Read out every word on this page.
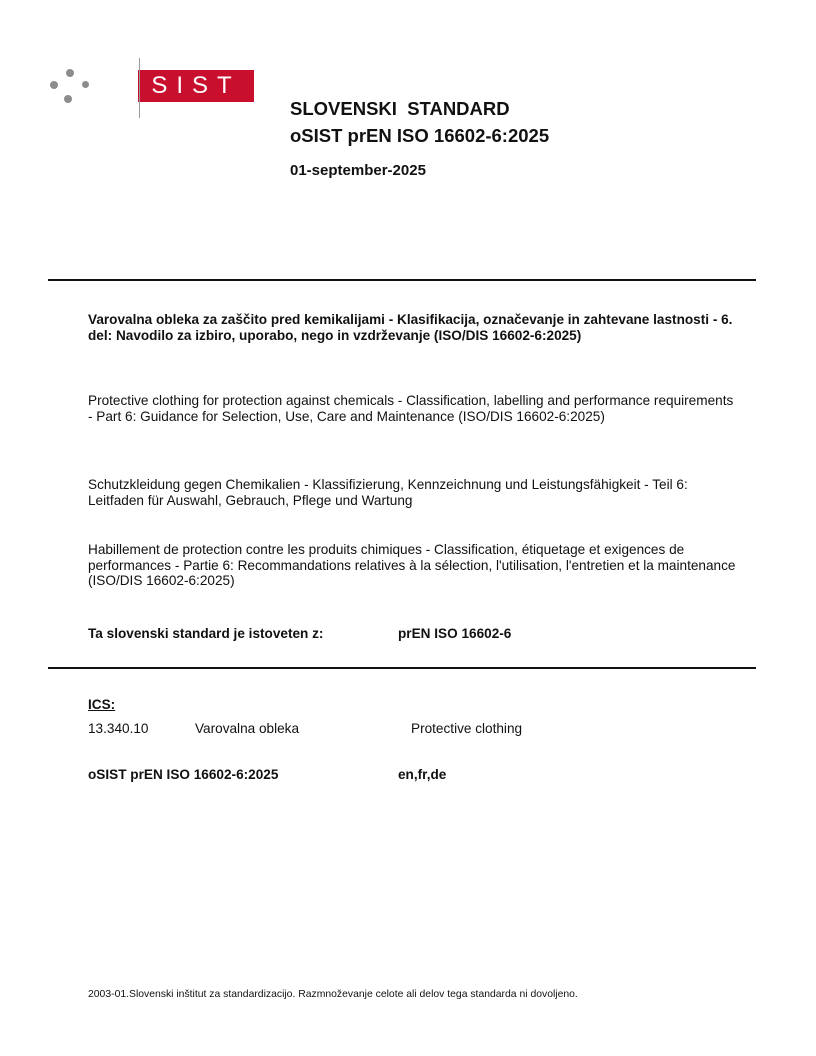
SIST
SLOVENSKI  STANDARD
oSIST prEN ISO 16602-6:2025
01-september-2025
Varovalna obleka za zaščito pred kemikalijami - Klasifikacija, označevanje in zahtevane lastnosti - 6. del: Navodilo za izbiro, uporabo, nego in vzdrževanje (ISO/DIS 16602-6:2025)
Protective clothing for protection against chemicals - Classification, labelling and performance requirements - Part 6: Guidance for Selection, Use, Care and Maintenance (ISO/DIS 16602-6:2025)
Schutzkleidung gegen Chemikalien - Klassifizierung, Kennzeichnung und Leistungsfähigkeit - Teil 6: Leitfaden für Auswahl, Gebrauch, Pflege und Wartung
Habillement de protection contre les produits chimiques - Classification, étiquetage et exigences de performances - Partie 6: Recommandations relatives à la sélection, l'utilisation, l'entretien et la maintenance (ISO/DIS 16602-6:2025)
Ta slovenski standard je istoveten z:	prEN ISO 16602-6
ICS:
13.340.10	Varovalna obleka	Protective clothing
oSIST prEN ISO 16602-6:2025	en,fr,de
2003-01.Slovenski inštitut za standardizacijo. Razmnoževanje celote ali delov tega standarda ni dovoljeno.
